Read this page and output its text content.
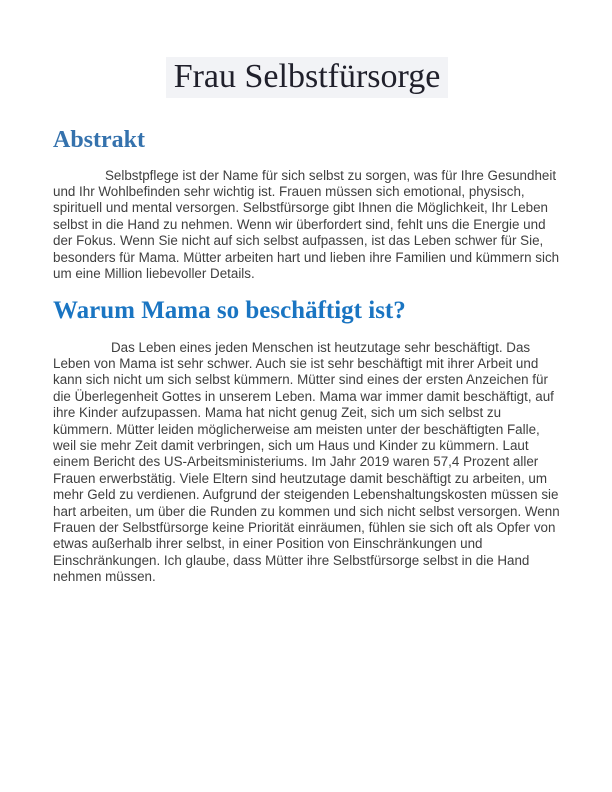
Frau Selbstfürsorge
Abstrakt

Selbstpflege ist der Name für sich selbst zu sorgen, was für Ihre Gesundheit und Ihr Wohlbefinden sehr wichtig ist. Frauen müssen sich emotional, physisch, spirituell und mental versorgen. Selbstfürsorge gibt Ihnen die Möglichkeit, Ihr Leben selbst in die Hand zu nehmen. Wenn wir überfordert sind, fehlt uns die Energie und der Fokus. Wenn Sie nicht auf sich selbst aufpassen, ist das Leben schwer für Sie, besonders für Mama. Mütter arbeiten hart und lieben ihre Familien und kümmern sich um eine Million liebevoller Details.

Warum Mama so beschäftigt ist?

Das Leben eines jeden Menschen ist heutzutage sehr beschäftigt. Das Leben von Mama ist sehr schwer. Auch sie ist sehr beschäftigt mit ihrer Arbeit und kann sich nicht um sich selbst kümmern. Mütter sind eines der ersten Anzeichen für die Überlegenheit Gottes in unserem Leben. Mama war immer damit beschäftigt, auf ihre Kinder aufzupassen. Mama hat nicht genug Zeit, sich um sich selbst zu kümmern. Mütter leiden möglicherweise am meisten unter der beschäftigten Falle, weil sie mehr Zeit damit verbringen, sich um Haus und Kinder zu kümmern. Laut einem Bericht des US-Arbeitsministeriums. Im Jahr 2019 waren 57,4 Prozent aller Frauen erwerbstätig. Viele Eltern sind heutzutage damit beschäftigt zu arbeiten, um mehr Geld zu verdienen. Aufgrund der steigenden Lebenshaltungskosten müssen sie hart arbeiten, um über die Runden zu kommen und sich nicht selbst versorgen. Wenn Frauen der Selbstfürsorge keine Priorität einräumen, fühlen sie sich oft als Opfer von etwas außerhalb ihrer selbst, in einer Position von Einschränkungen und Einschränkungen. Ich glaube, dass Mütter ihre Selbstfürsorge selbst in die Hand nehmen müssen.
